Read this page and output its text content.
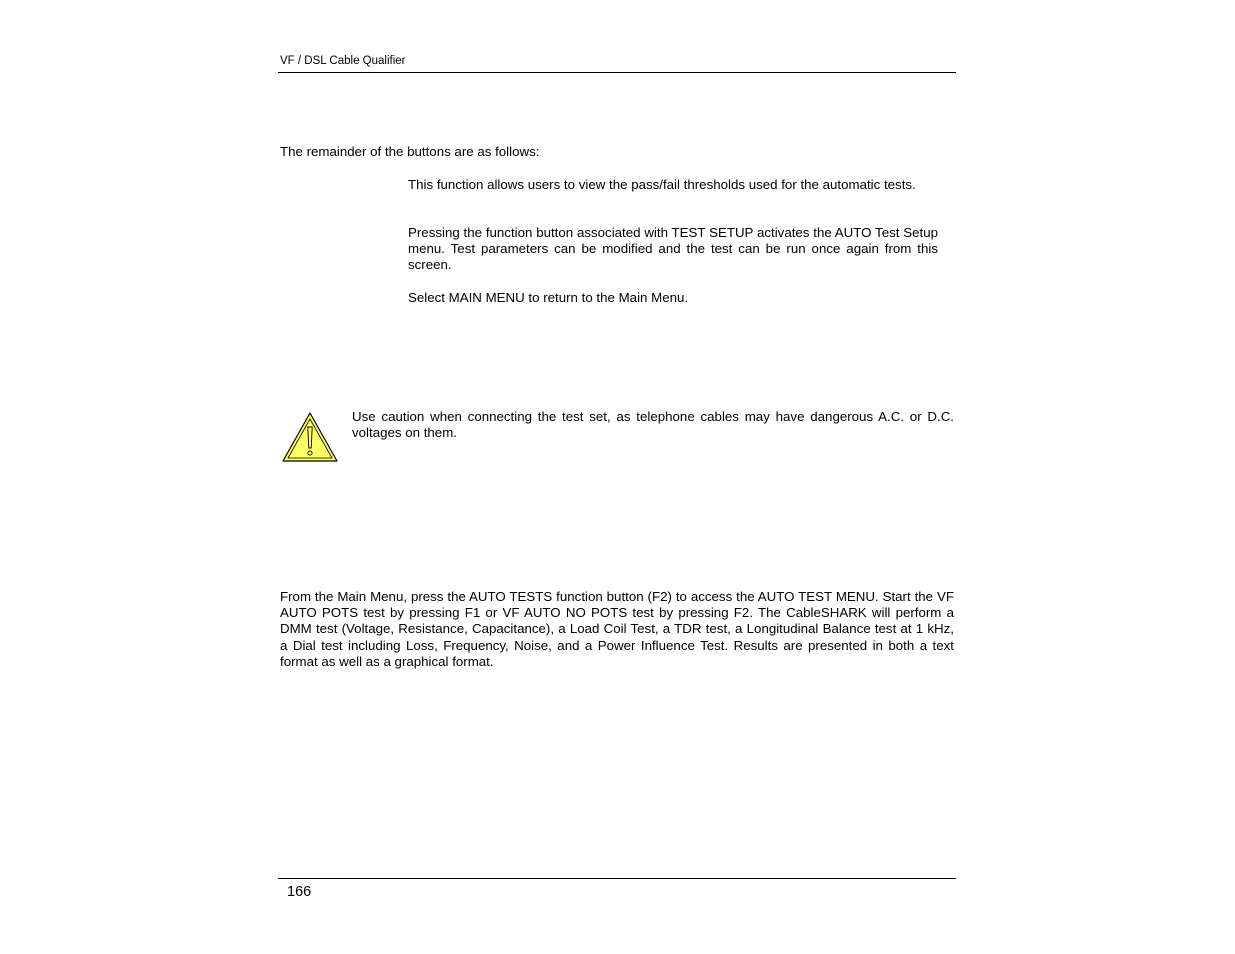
VF / DSL Cable Qualifier

The remainder of the buttons are as follows:

This function allows users to view the pass/fail thresholds used for the automatic tests.

Pressing the function button associated with TEST SETUP activates the AUTO Test Setup menu. Test parameters can be modified and the test can be run once again from this screen.

Select MAIN MENU to return to the Main Menu.

Use caution when connecting the test set, as telephone cables may have dangerous A.C. or D.C. voltages on them.

From the Main Menu, press the AUTO TESTS function button (F2) to access the AUTO TEST MENU. Start the VF AUTO POTS test by pressing F1 or VF AUTO NO POTS test by pressing F2. The CableSHARK will perform a DMM test (Voltage, Resistance, Capacitance), a Load Coil Test, a TDR test, a Longitudinal Balance test at 1 kHz, a Dial test including Loss, Frequency, Noise, and a Power Influence Test. Results are presented in both a text format as well as a graphical format.

166
